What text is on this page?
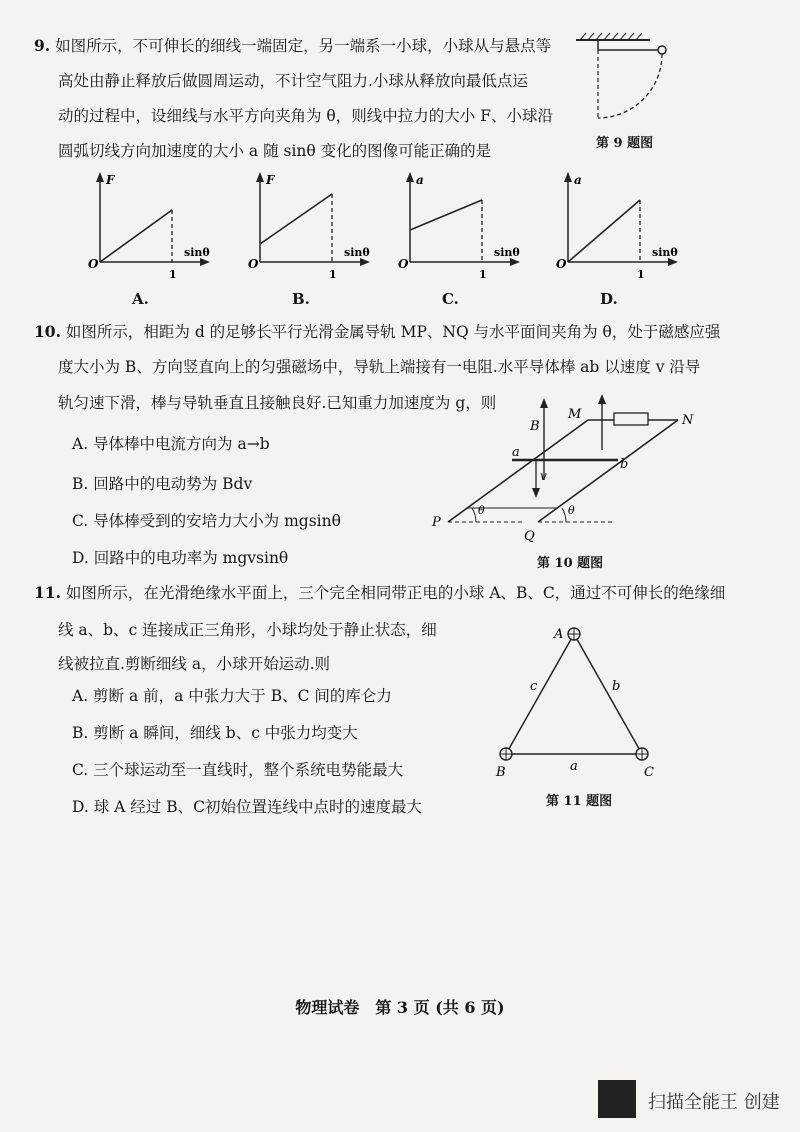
9. 如图所示，不可伸长的细线一端固定，另一端系一小球，小球从与悬点等
高处由静止释放后做圆周运动，不计空气阻力.小球从释放向最低点运
动的过程中，设细线与水平方向夹角为 θ，则线中拉力的大小 F、小球沿
圆弧切线方向加速度的大小 a 随 sinθ 变化的图像可能正确的是	第 9 题图
F
sinθ
O
1
A.
F
sinθ
O
1
B.
a
sinθ
O
1
C.
a
sinθ
O
1
D.
10. 如图所示，相距为 d 的足够长平行光滑金属导轨 MP、NQ 与水平面间夹角为 θ，处于磁感应强
度大小为 B、方向竖直向上的匀强磁场中，导轨上端接有一电阻.水平导体棒 ab 以速度 v 沿导
轨匀速下滑，棒与导轨垂直且接触良好.已知重力加速度为 g，则
A. 导体棒中电流方向为 a→b
B. 回路中的电动势为 Bdv
C. 导体棒受到的安培力大小为 mgsinθ
D. 回路中的电功率为 mgvsinθ
M	N
P
Q
a
b
B
v
θ	θ
第 10 题图
11. 如图所示，在光滑绝缘水平面上，三个完全相同带正电的小球 A、B、C，通过不可伸长的绝缘细
线 a、b、c 连接成正三角形，小球均处于静止状态，细
线被拉直.剪断细线 a，小球开始运动.则
A. 剪断 a 前，a 中张力大于 B、C 间的库仑力
B. 剪断 a 瞬间，细线 b、c 中张力均变大
C. 三个球运动至一直线时，整个系统电势能最大
D. 球 A 经过 B、C初始位置连线中点时的速度最大
A
B	C
a
b
c
第 11 题图
物理试卷　第 3 页 (共 6 页)
扫描全能王 创建
